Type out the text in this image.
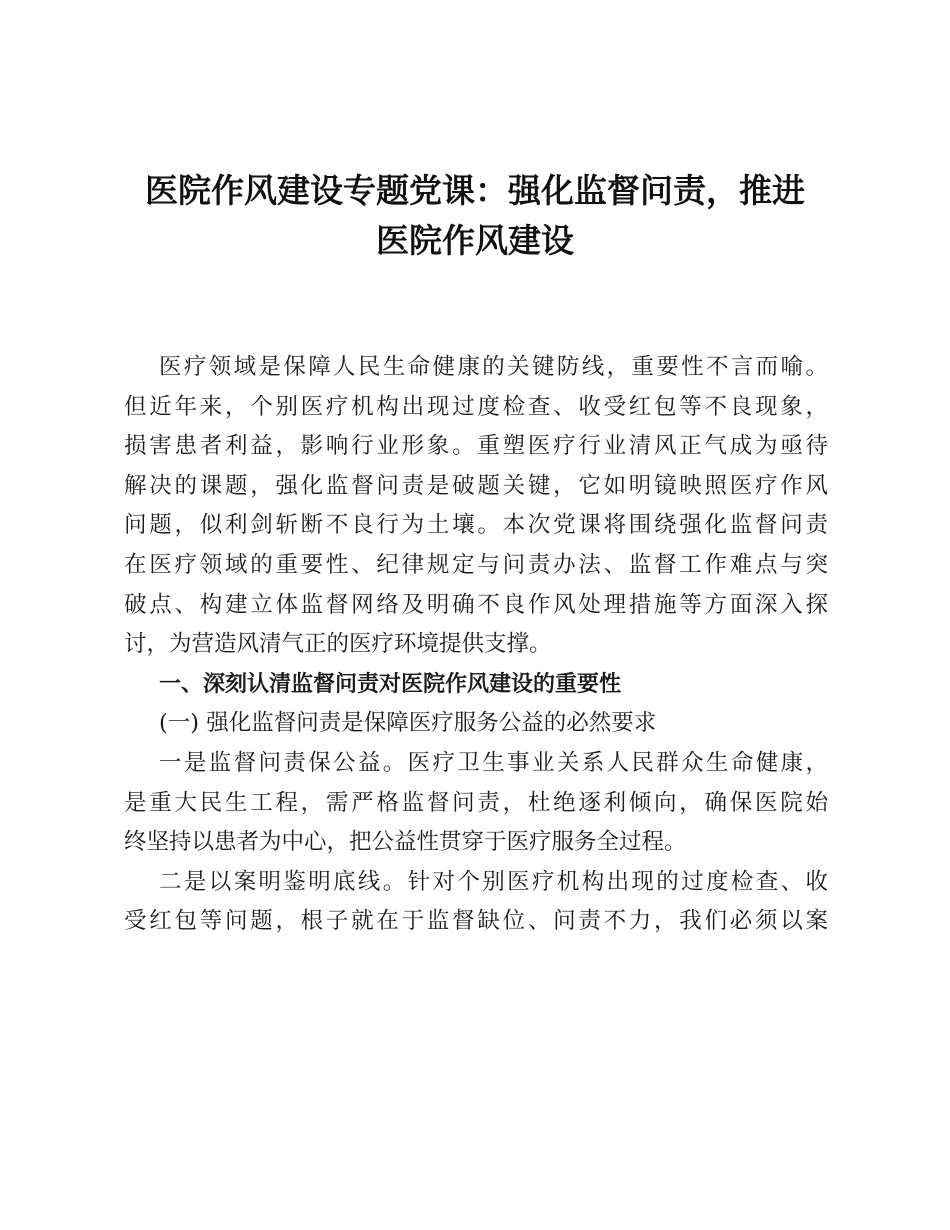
医院作风建设专题党课：强化监督问责，推进
医院作风建设
医疗领域是保障人民生命健康的关键防线，重要性不言而喻。
但近年来，个别医疗机构出现过度检查、收受红包等不良现象，
损害患者利益，影响行业形象。重塑医疗行业清风正气成为亟待
解决的课题，强化监督问责是破题关键，它如明镜映照医疗作风
问题，似利剑斩断不良行为土壤。本次党课将围绕强化监督问责
在医疗领域的重要性、纪律规定与问责办法、监督工作难点与突
破点、构建立体监督网络及明确不良作风处理措施等方面深入探
讨，为营造风清气正的医疗环境提供支撑。
一、深刻认清监督问责对医院作风建设的重要性
(一) 强化监督问责是保障医疗服务公益的必然要求
一是监督问责保公益。医疗卫生事业关系人民群众生命健康，
是重大民生工程，需严格监督问责，杜绝逐利倾向，确保医院始
终坚持以患者为中心，把公益性贯穿于医疗服务全过程。
二是以案明鉴明底线。针对个别医疗机构出现的过度检查、收
受红包等问题，根子就在于监督缺位、问责不力，我们必须以案
